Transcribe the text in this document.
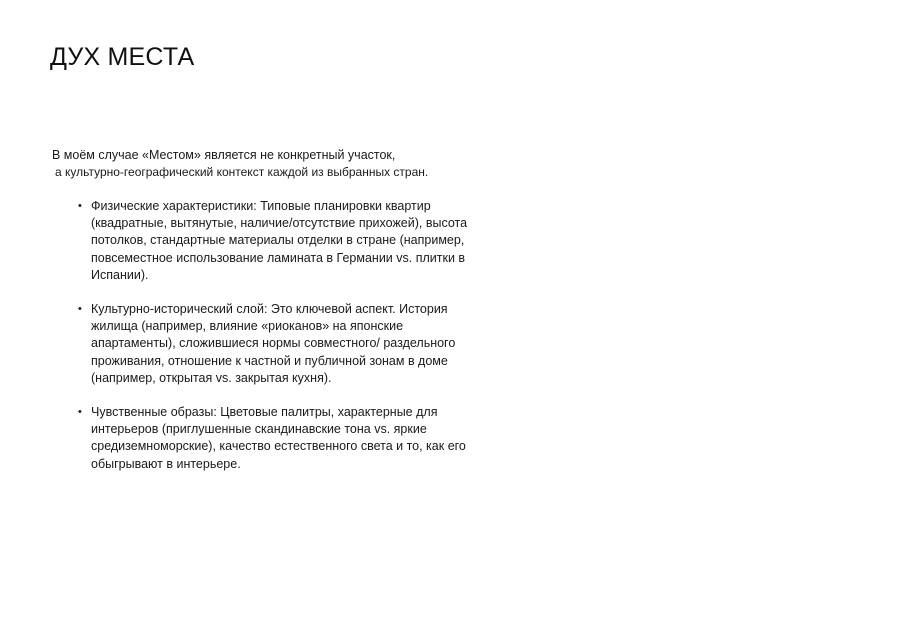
ДУХ МЕСТА
В моём случае «Местом» является не конкретный участок,
а культурно-географический контекст каждой из выбранных стран.
• Физические характеристики: Типовые планировки квартир (квадратные, вытянутые, наличие/отсутствие прихожей), высота потолков, стандартные материалы отделки в стране (например, повсеместное использование ламината в Германии vs. плитки в Испании).
• Культурно-исторический слой: Это ключевой аспект. История жилища (например, влияние «риоканов» на японские апартаменты), сложившиеся нормы совместного/ раздельного проживания, отношение к частной и публичной зонам в доме (например, открытая vs. закрытая кухня).
• Чувственные образы: Цветовые палитры, характерные для интерьеров (приглушенные скандинавские тона vs. яркие средиземноморские), качество естественного света и то, как его обыгрывают в интерьере.
